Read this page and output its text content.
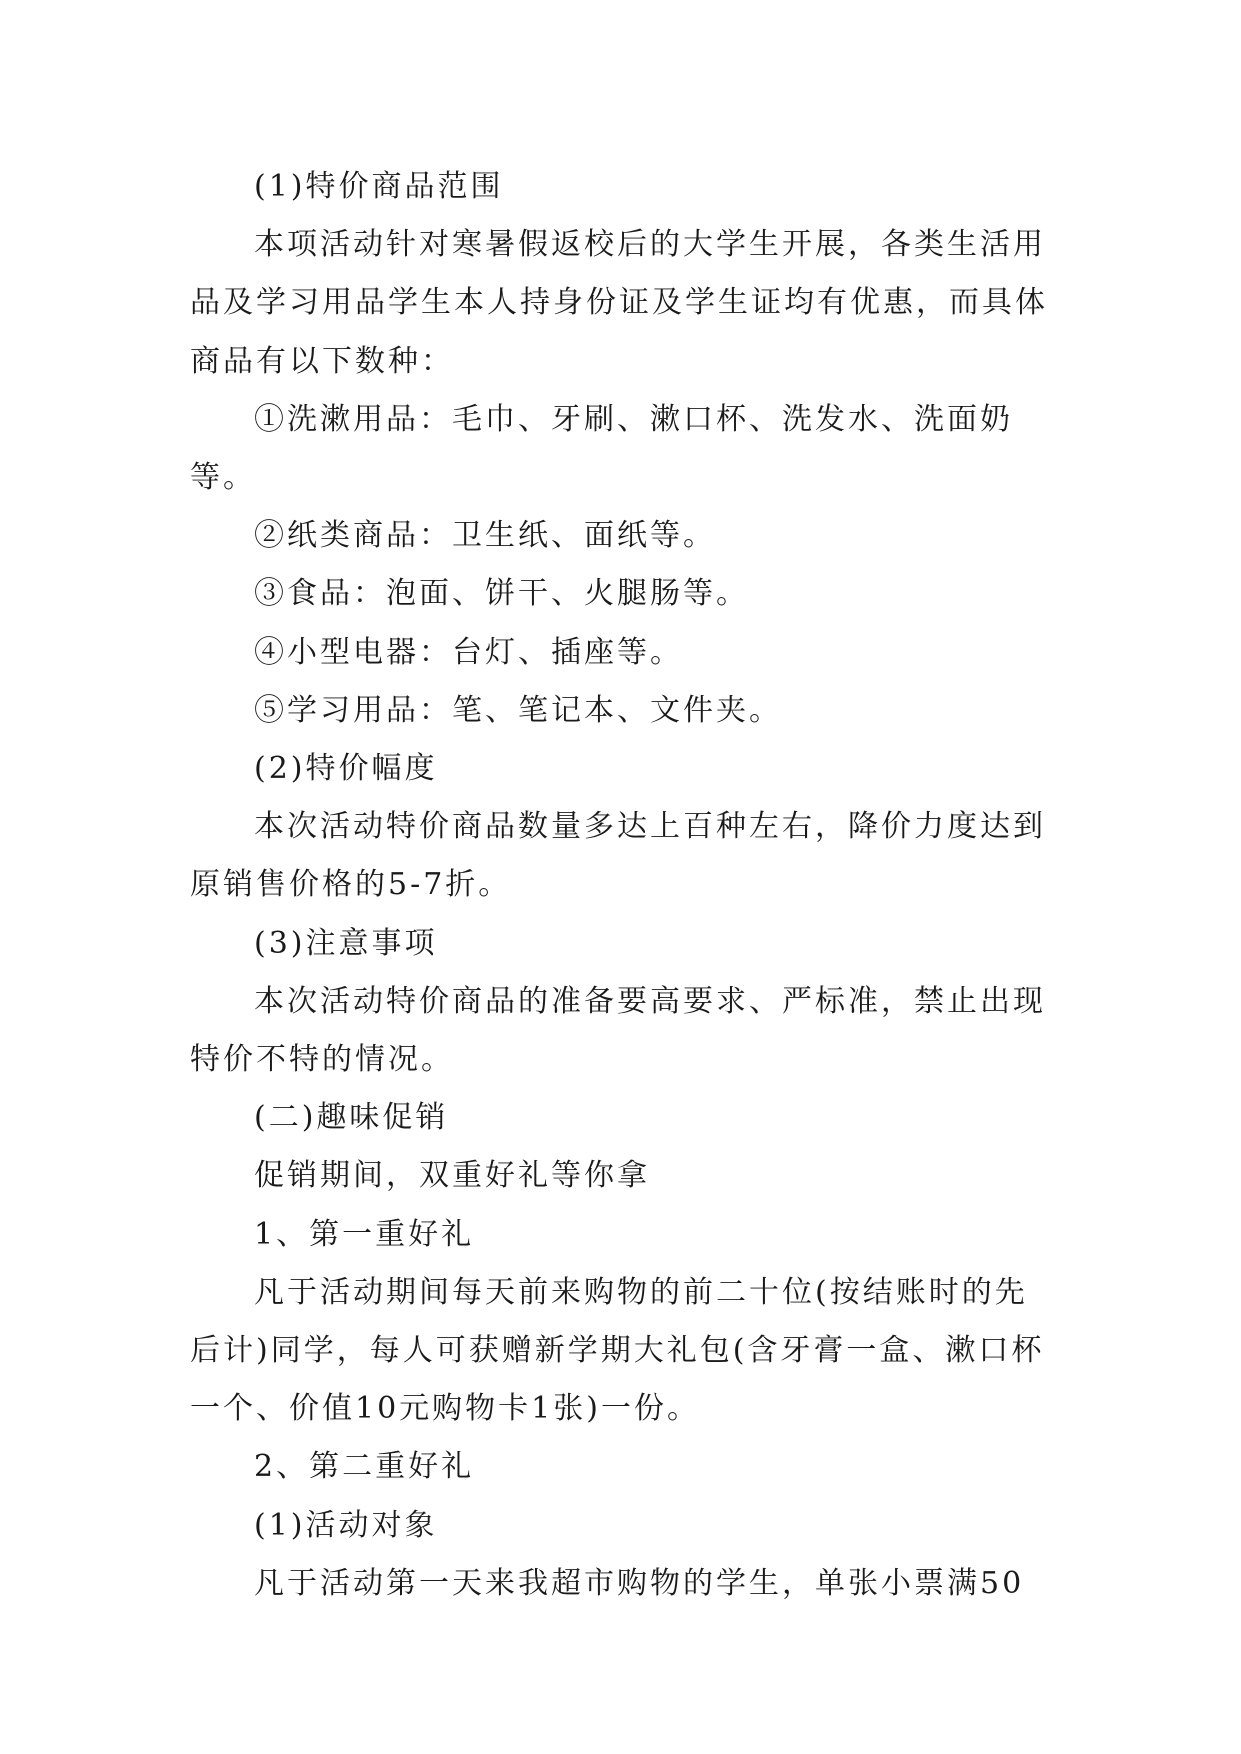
(1)特价商品范围

本项活动针对寒暑假返校后的大学生开展，各类生活用品及学习用品学生本人持身份证及学生证均有优惠，而具体商品有以下数种：

①洗漱用品：毛巾、牙刷、漱口杯、洗发水、洗面奶等。

②纸类商品：卫生纸、面纸等。

③食品：泡面、饼干、火腿肠等。

④小型电器：台灯、插座等。

⑤学习用品：笔、笔记本、文件夹。

(2)特价幅度

本次活动特价商品数量多达上百种左右，降价力度达到原销售价格的5-7折。

(3)注意事项

本次活动特价商品的准备要高要求、严标准，禁止出现特价不特的情况。

(二)趣味促销

促销期间，双重好礼等你拿

1、第一重好礼

凡于活动期间每天前来购物的前二十位(按结账时的先后计)同学，每人可获赠新学期大礼包(含牙膏一盒、漱口杯一个、价值10元购物卡1张)一份。

2、第二重好礼

(1)活动对象

凡于活动第一天来我超市购物的学生，单张小票满50
